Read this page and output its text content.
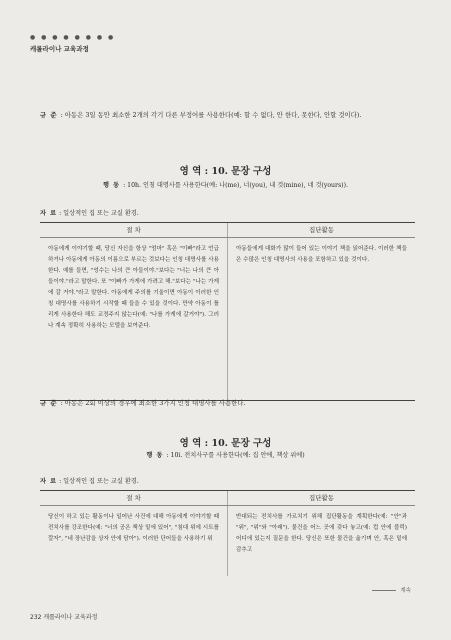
● ● ● ● ● ● ● ●
캐롤라이나 교육과정
규 준 : 아동은 3일 동안 최소한 2개의 각기 다른 부정어를 사용한다(예: 할 수 없다, 안 한다, 못한다, 안할 것이다).
영 역 : 10. 문장 구성
행 동 : 10h. 인칭 대명사를 사용한다(예: 나(me), 너(you), 내 것(mine), 네 것(yours)).
자 료 : 일상적인 집 또는 교실 환경.
절 차	집단활동
아동에게 이야기할 때, 당신 자신을 항상 "엄마" 혹은 "이빠"라고 언급하거나 아동에게 아동의 이름으로 부르는 것보다는 인칭 대명사를 사용한다. 예를 들면, "엉수는 나의 큰 아들이야."보다는 "너는 나의 큰 아들이야."라고 말한다. 또 "이빠가 가게에 가려고 해."보다는 "나는 가게에 갈 거야."라고 말한다. 아동에게 주의를 기울이면 아동이 이러한 인칭 대명사를 사용하기 시작할 때 들을 수 있을 것이다. 만약 아동이 틀리게 사용한다 해도 교정주지 않는다(예: "나를 가게에 갈거야"). 그러나 계속 정확히 사용하는 모델을 보여준다.
아동들에게 대화가 많이 들어 있는 이야기 책을 읽어준다. 이러한 책들은 수많은 인칭 대명사의 사용을 포함하고 있을 것이다.
규 준 : 아동은 2회 이상의 경우에 최소한 3가지 인칭 대명사를 사용한다.
영 역 : 10. 문장 구성
행 동 : 10i. 전치사구를 사용한다(예: 집 안에, 책상 위에)
자 료 : 일상적인 집 또는 교실 환경.
절 차	집단활동
당신이 하고 있는 활동이나 일어난 사건에 대해 아동에게 이야기할 때 전치사를 강조한다(예: "너의 공은 책상 밑에 있어", "침대 위에 시트를 깔자", "네 장난감을 상자 안에 담아"). 이러한 단어들을 사용하기 위
반대되는 전치사를 가르치기 위해 집단활동을 계획한다(예: "안"과 "위", "위"와 "아래"). 물건을 어느 곳에 갖다 놓고(예: 컵 안에 블럭) 어디에 있는지 질문을 한다. 당신은 또한 물건을 옮기며 안, 혹은 밑에 감추고
계속
232 캐롤라이나 교육과정
